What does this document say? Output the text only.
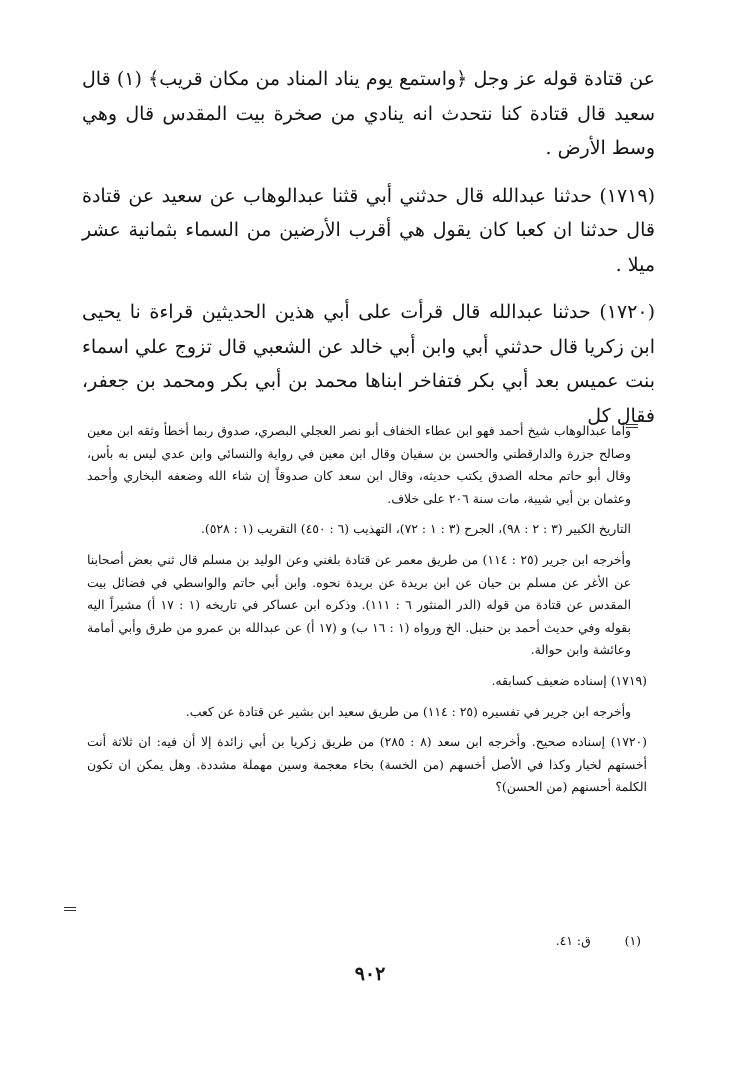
عن قتادة قوله عز وجل ﴿واستمع يوم يناد المناد من مكان قريب﴾ (١) قال سعيد قال قتادة كنا نتحدث انه ينادي من صخرة بيت المقدس قال وهي وسط الأرض .

(١٧١٩) حدثنا عبدالله قال حدثني أبي قثنا عبدالوهاب عن سعيد عن قتادة قال حدثنا ان كعبا كان يقول هي أقرب الأرضين من السماء بثمانية عشر ميلا .

(١٧٢٠) حدثنا عبدالله قال قرأت على أبي هذين الحديثين قراءة نا يحيى ابن زكريا قال حدثني أبي وابن أبي خالد عن الشعبي قال تزوج علي اسماء بنت عميس بعد أبي بكر فتفاخر ابناها محمد بن أبي بكر ومحمد بن جعفر، فقال كل

وأما عبدالوهاب شيخ أحمد فهو ابن عطاء الخفاف أبو نصر العجلي البصري، صدوق ربما أخطأ وثقه ابن معين وصالح جزرة والدارقطني والحسن بن سفيان وقال ابن معين في رواية والنسائي وابن عدي ليس به بأس، وقال أبو حاتم محله الصدق يكتب حديثه، وقال ابن سعد كان صدوقاً إن شاء الله وضعفه البخاري وأحمد وعثمان بن أبي شيبة، مات سنة ٢٠٦ على خلاف.

التاريخ الكبير (٣ : ٢ : ٩٨)، الجرح (٣ : ١ : ٧٢)، التهذيب (٦ : ٤٥٠) التقريب (١ : ٥٢٨).

وأخرجه ابن جرير (٢٥ : ١١٤) من طريق معمر عن قتادة بلغني وعن الوليد بن مسلم قال ثني بعض أصحابنا عن الأغر عن مسلم بن حيان عن ابن بريدة عن بريدة نحوه. وابن أبي حاتم والواسطي في فضائل بيت المقدس عن قتادة من قوله (الدر المنثور ٦ : ١١١). وذكره ابن عساكر في تاريخه (١ : ١٧ أ) مشيراً اليه بقوله وفي حديث أحمد بن حنبل. الخ ورواه (١ : ١٦ ب) و (١٧ أ) عن عبدالله بن عمرو من طرق وأبي أمامة وعائشة وابن حوالة.

(١٧١٩) إسناده ضعيف كسابقه.

وأخرجه ابن جرير في تفسيره (٢٥ : ١١٤) من طريق سعيد ابن بشير عن قتادة عن كعب.

(١٧٢٠) إسناده صحيح. وأخرجه ابن سعد (٨ : ٢٨٥) من طريق زكريا بن أبي زائدة إلا أن فيه: ان ثلاثة أنت أخستهم لخيار وكذا في الأصل أخسهم (من الخسة) بخاء معجمة وسين مهملة مشددة. وهل يمكن ان تكون الكلمة أحسنهم (من الحسن)؟

(١) ق: ٤١.
٩٠٢
